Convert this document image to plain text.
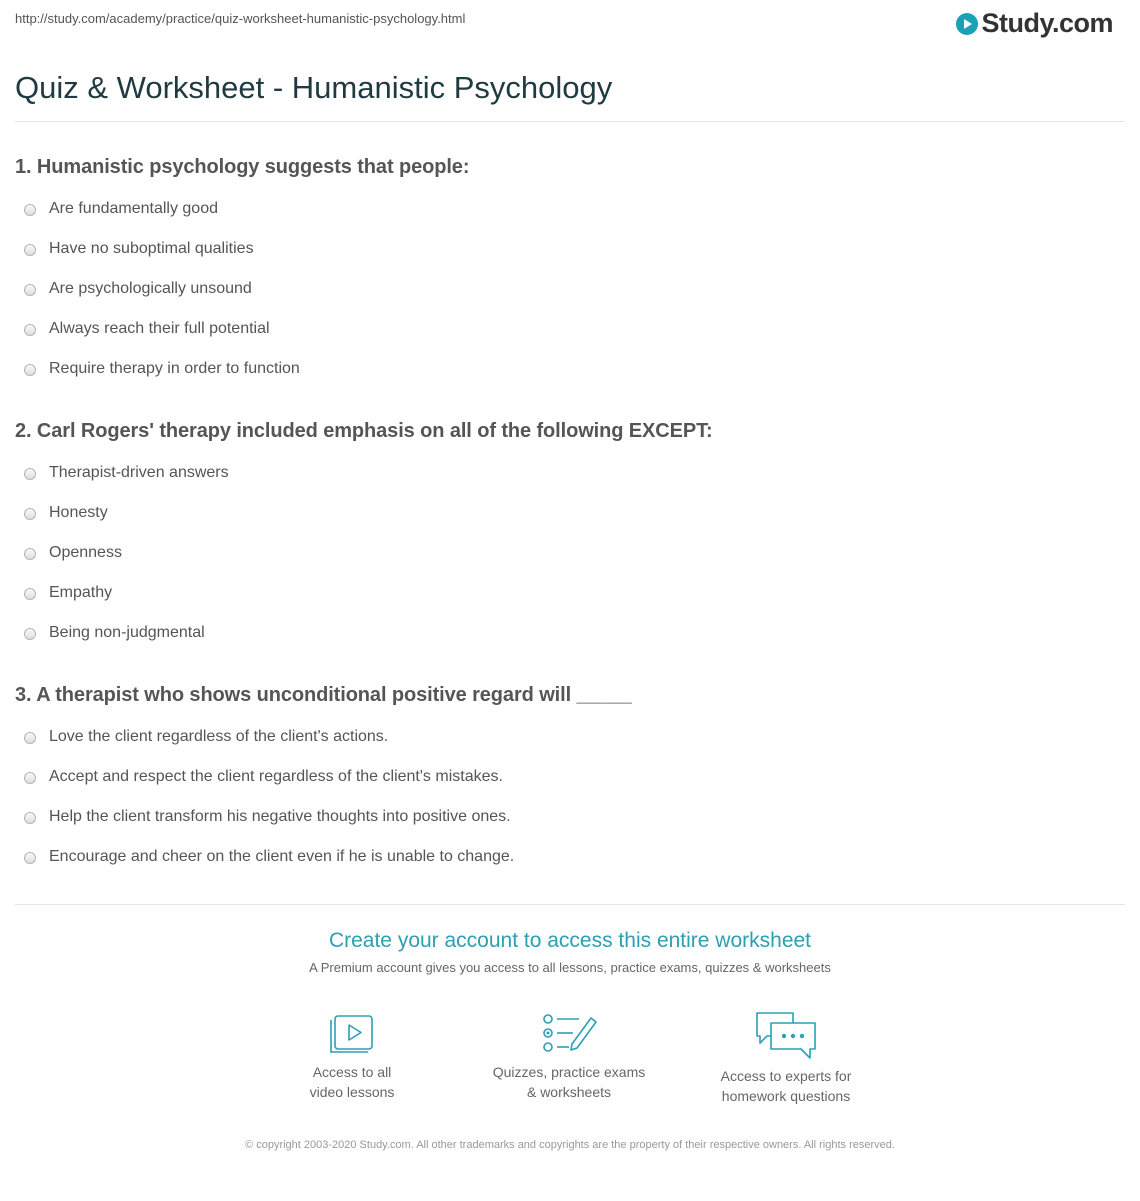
http://study.com/academy/practice/quiz-worksheet-humanistic-psychology.html	Study.com
Quiz & Worksheet - Humanistic Psychology
1. Humanistic psychology suggests that people:
Are fundamentally good
Have no suboptimal qualities
Are psychologically unsound
Always reach their full potential
Require therapy in order to function
2. Carl Rogers' therapy included emphasis on all of the following EXCEPT:
Therapist-driven answers
Honesty
Openness
Empathy
Being non-judgmental
3. A therapist who shows unconditional positive regard will _____
Love the client regardless of the client's actions.
Accept and respect the client regardless of the client's mistakes.
Help the client transform his negative thoughts into positive ones.
Encourage and cheer on the client even if he is unable to change.
Create your account to access this entire worksheet
A Premium account gives you access to all lessons, practice exams, quizzes & worksheets
Access to all
video lessons
Quizzes, practice exams
& worksheets
Access to experts for
homework questions
© copyright 2003-2020 Study.com. All other trademarks and copyrights are the property of their respective owners. All rights reserved.
